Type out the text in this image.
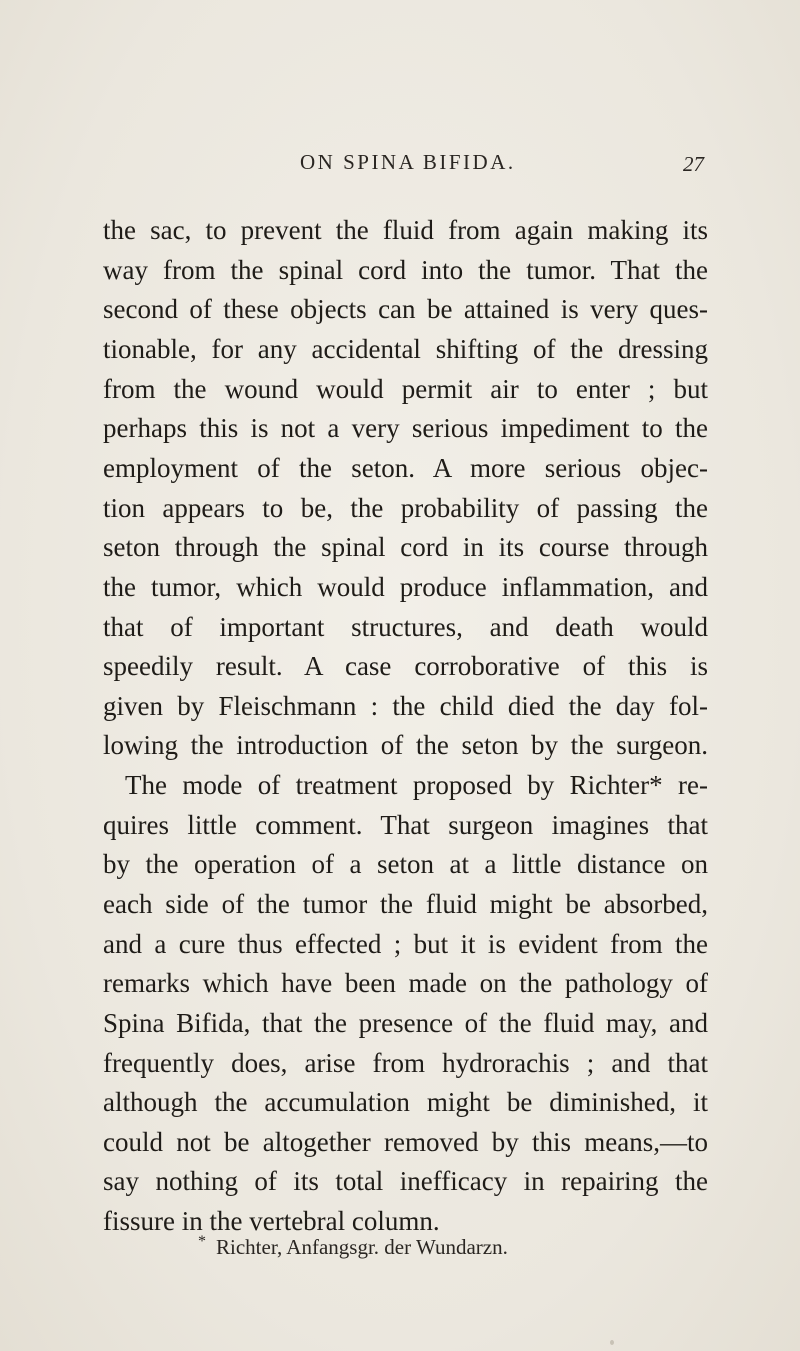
ON SPINA BIFIDA.	27
the sac, to prevent the fluid from again making its
way from the spinal cord into the tumor. That the
second of these objects can be attained is very ques-
tionable, for any accidental shifting of the dressing
from the wound would permit air to enter ; but
perhaps this is not a very serious impediment to the
employment of the seton. A more serious objec-
tion appears to be, the probability of passing the
seton through the spinal cord in its course through
the tumor, which would produce inflammation, and
that of important structures, and death would
speedily result. A case corroborative of this is
given by Fleischmann : the child died the day fol-
lowing the introduction of the seton by the surgeon.
The mode of treatment proposed by Richter* re-
quires little comment. That surgeon imagines that
by the operation of a seton at a little distance on
each side of the tumor the fluid might be absorbed,
and a cure thus effected ; but it is evident from the
remarks which have been made on the pathology of
Spina Bifida, that the presence of the fluid may, and
frequently does, arise from hydrorachis ; and that
although the accumulation might be diminished, it
could not be altogether removed by this means,—to
say nothing of its total inefficacy in repairing the
fissure in the vertebral column.
* Richter, Anfangsgr. der Wundarzn.
